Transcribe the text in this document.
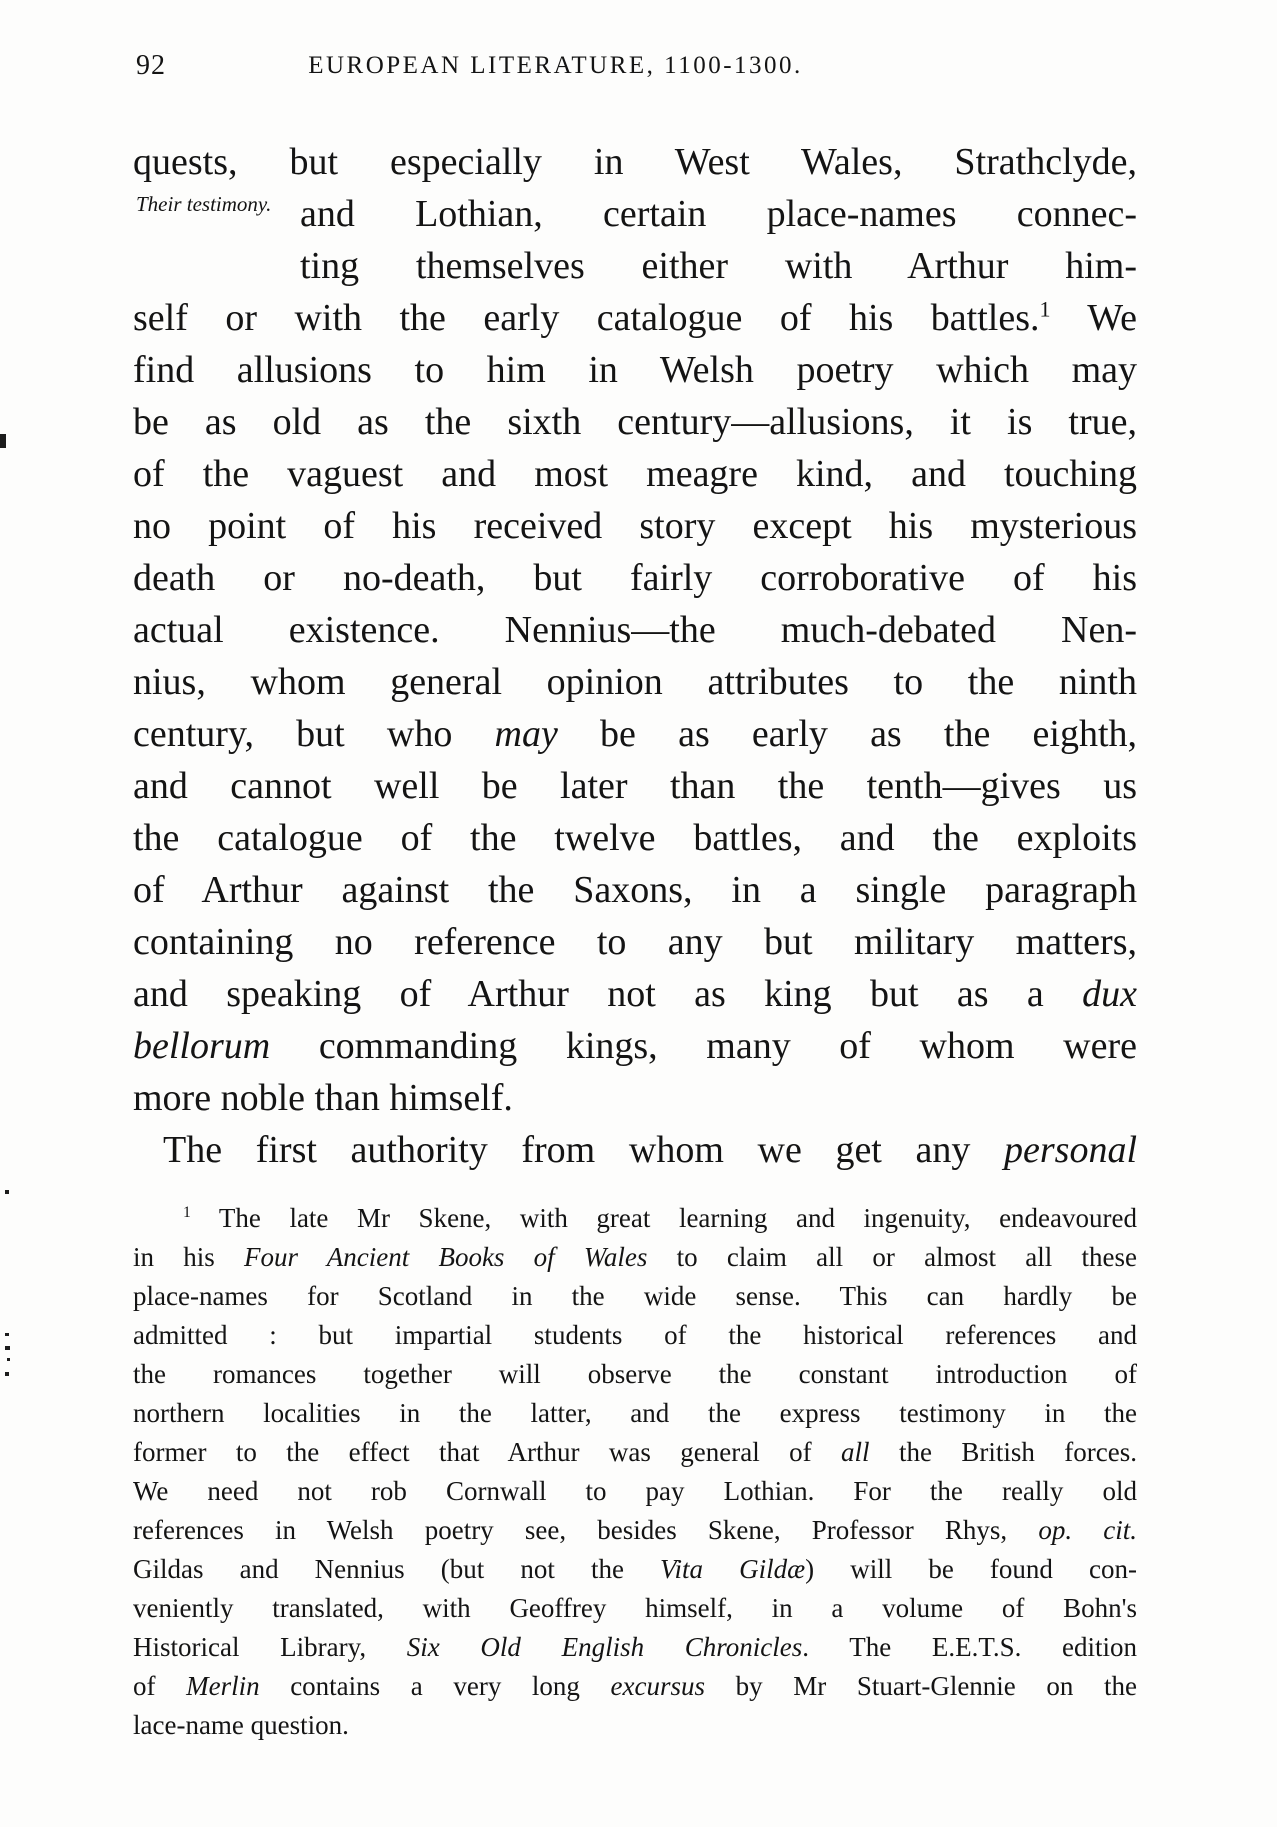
92	EUROPEAN LITERATURE, 1100-1300.
Their testimony.
quests, but especially in West Wales, Strathclyde,
and Lothian, certain place-names connec-
ting themselves either with Arthur him-
self or with the early catalogue of his battles.$^1$ We
find allusions to him in Welsh poetry which may
be as old as the sixth century—allusions, it is true,
of the vaguest and most meagre kind, and touching
no point of his received story except his mysterious
death or no-death, but fairly corroborative of his
actual existence. Nennius—the much-debated Nen-
nius, whom general opinion attributes to the ninth
century, but who may be as early as the eighth,
and cannot well be later than the tenth—gives us
the catalogue of the twelve battles, and the exploits
of Arthur against the Saxons, in a single paragraph
containing no reference to any but military matters,
and speaking of Arthur not as king but as a dux
bellorum commanding kings, many of whom were
more noble than himself.
The first authority from whom we get any personal
$^1$ The late Mr Skene, with great learning and ingenuity, endeavoured
in his Four Ancient Books of Wales to claim all or almost all these
place-names for Scotland in the wide sense. This can hardly be
admitted : but impartial students of the historical references and
the romances together will observe the constant introduction of
northern localities in the latter, and the express testimony in the
former to the effect that Arthur was general of all the British forces.
We need not rob Cornwall to pay Lothian. For the really old
references in Welsh poetry see, besides Skene, Professor Rhys, op. cit.
Gildas and Nennius (but not the Vita Gildæ) will be found con-
veniently translated, with Geoffrey himself, in a volume of Bohn's
Historical Library, Six Old English Chronicles. The E.E.T.S. edition
of Merlin contains a very long excursus by Mr Stuart-Glennie on the
lace-name question.
